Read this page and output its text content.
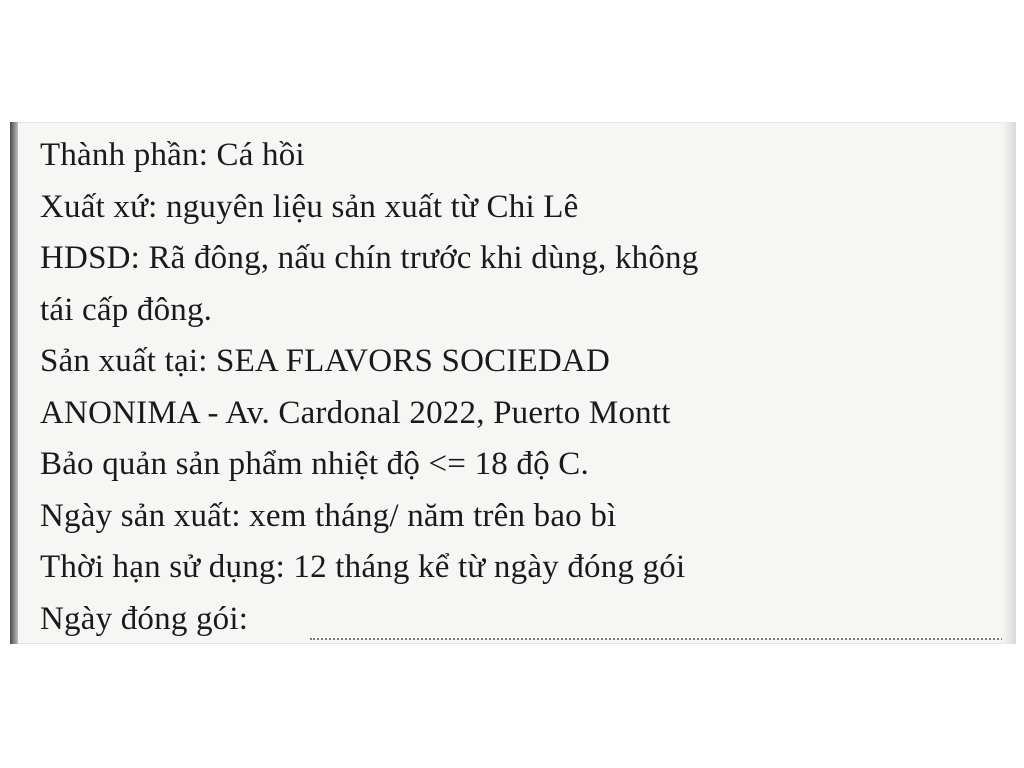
Thành phần: Cá hồi
Xuất xứ: nguyên liệu sản xuất từ Chi Lê
HDSD: Rã đông, nấu chín trước khi dùng, không
tái cấp đông.
Sản xuất tại: SEA FLAVORS SOCIEDAD
ANONIMA - Av. Cardonal 2022, Puerto Montt
Bảo quản sản phẩm nhiệt độ <= 18 độ C.
Ngày sản xuất: xem tháng/ năm trên bao bì
Thời hạn sử dụng: 12 tháng kể từ ngày đóng gói
Ngày đóng gói:
